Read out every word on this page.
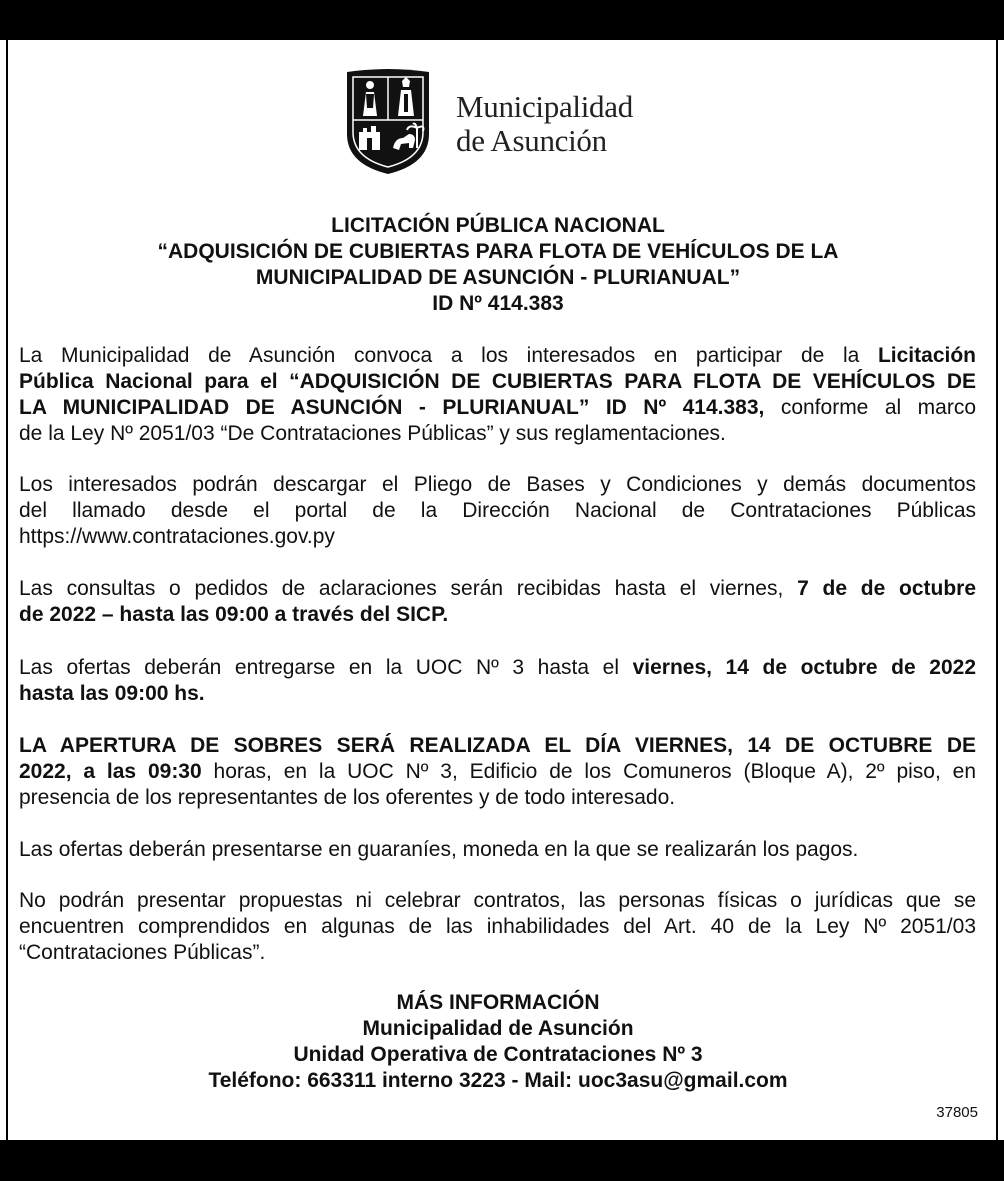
Municipalidad
de Asunción
LICITACIÓN PÚBLICA NACIONAL
“ADQUISICIÓN DE CUBIERTAS PARA FLOTA DE VEHÍCULOS DE LA
MUNICIPALIDAD DE ASUNCIÓN - PLURIANUAL”
ID Nº 414.383
La Municipalidad de Asunción convoca a los interesados en participar de la Licitación
Pública Nacional para el “ADQUISICIÓN DE CUBIERTAS PARA FLOTA DE VEHÍCULOS DE
LA MUNICIPALIDAD DE ASUNCIÓN - PLURIANUAL” ID Nº 414.383, conforme al marco
de la Ley Nº 2051/03 “De Contrataciones Públicas” y sus reglamentaciones.
Los interesados podrán descargar el Pliego de Bases y Condiciones y demás documentos
del llamado desde el portal de la Dirección Nacional de Contrataciones Públicas
https://www.contrataciones.gov.py
Las consultas o pedidos de aclaraciones serán recibidas hasta el viernes, 7 de de octubre
de 2022 – hasta las 09:00 a través del SICP.
Las ofertas deberán entregarse en la UOC Nº 3 hasta el viernes, 14 de octubre de 2022
hasta las 09:00 hs.
LA APERTURA DE SOBRES SERÁ REALIZADA EL DÍA VIERNES, 14 DE OCTUBRE DE
2022, a las 09:30 horas, en la UOC Nº 3, Edificio de los Comuneros (Bloque A), 2º piso, en
presencia de los representantes de los oferentes y de todo interesado.
Las ofertas deberán presentarse en guaraníes, moneda en la que se realizarán los pagos.
No podrán presentar propuestas ni celebrar contratos, las personas físicas o jurídicas que se
encuentren comprendidos en algunas de las inhabilidades del Art. 40 de la Ley Nº 2051/03
“Contrataciones Públicas”.
MÁS INFORMACIÓN
Municipalidad de Asunción
Unidad Operativa de Contrataciones Nº 3
Teléfono: 663311 interno 3223 - Mail: uoc3asu@gmail.com
37805
